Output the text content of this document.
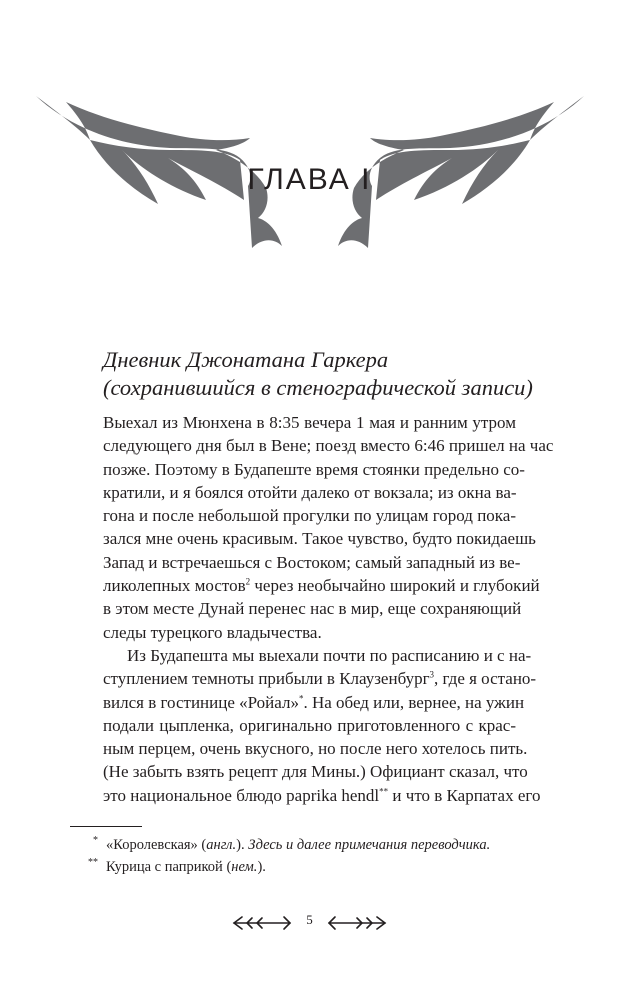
ГЛАВА I
Дневник Джонатана Гаркера
(сохранившийся в стенографической записи)
Выехал из Мюнхена в 8:35 вечера 1 мая и ранним утром
следующего дня был в Вене; поезд вместо 6:46 пришел на час
позже. Поэтому в Будапеште время стоянки предельно со-
кратили, и я боялся отойти далеко от вокзала; из окна ва-
гона и после небольшой прогулки по улицам город пока-
зался мне очень красивым. Такое чувство, будто покидаешь
Запад и встречаешься с Востоком; самый западный из ве-
ликолепных мостов$^2$ через необычайно широкий и глубокий
в этом месте Дунай перенес нас в мир, еще сохраняющий
следы турецкого владычества.
Из Будапешта мы выехали почти по расписанию и с на-
ступлением темноты прибыли в Клаузенбург$^3$, где я останo-
вился в гостинице «Ройал»*. На обед или, вернее, на ужин
подали цыпленка, оригинально приготовленного с крас-
ным перцем, очень вкусного, но после него хотелось пить.
(Не забыть взять рецепт для Мины.) Официант сказал, что
это национальное блюдо paprika hendl** и что в Карпатах его
* «Королевская» (англ.). Здесь и далее примечания переводчика.
** Курица с паприкой (нем.).
5
